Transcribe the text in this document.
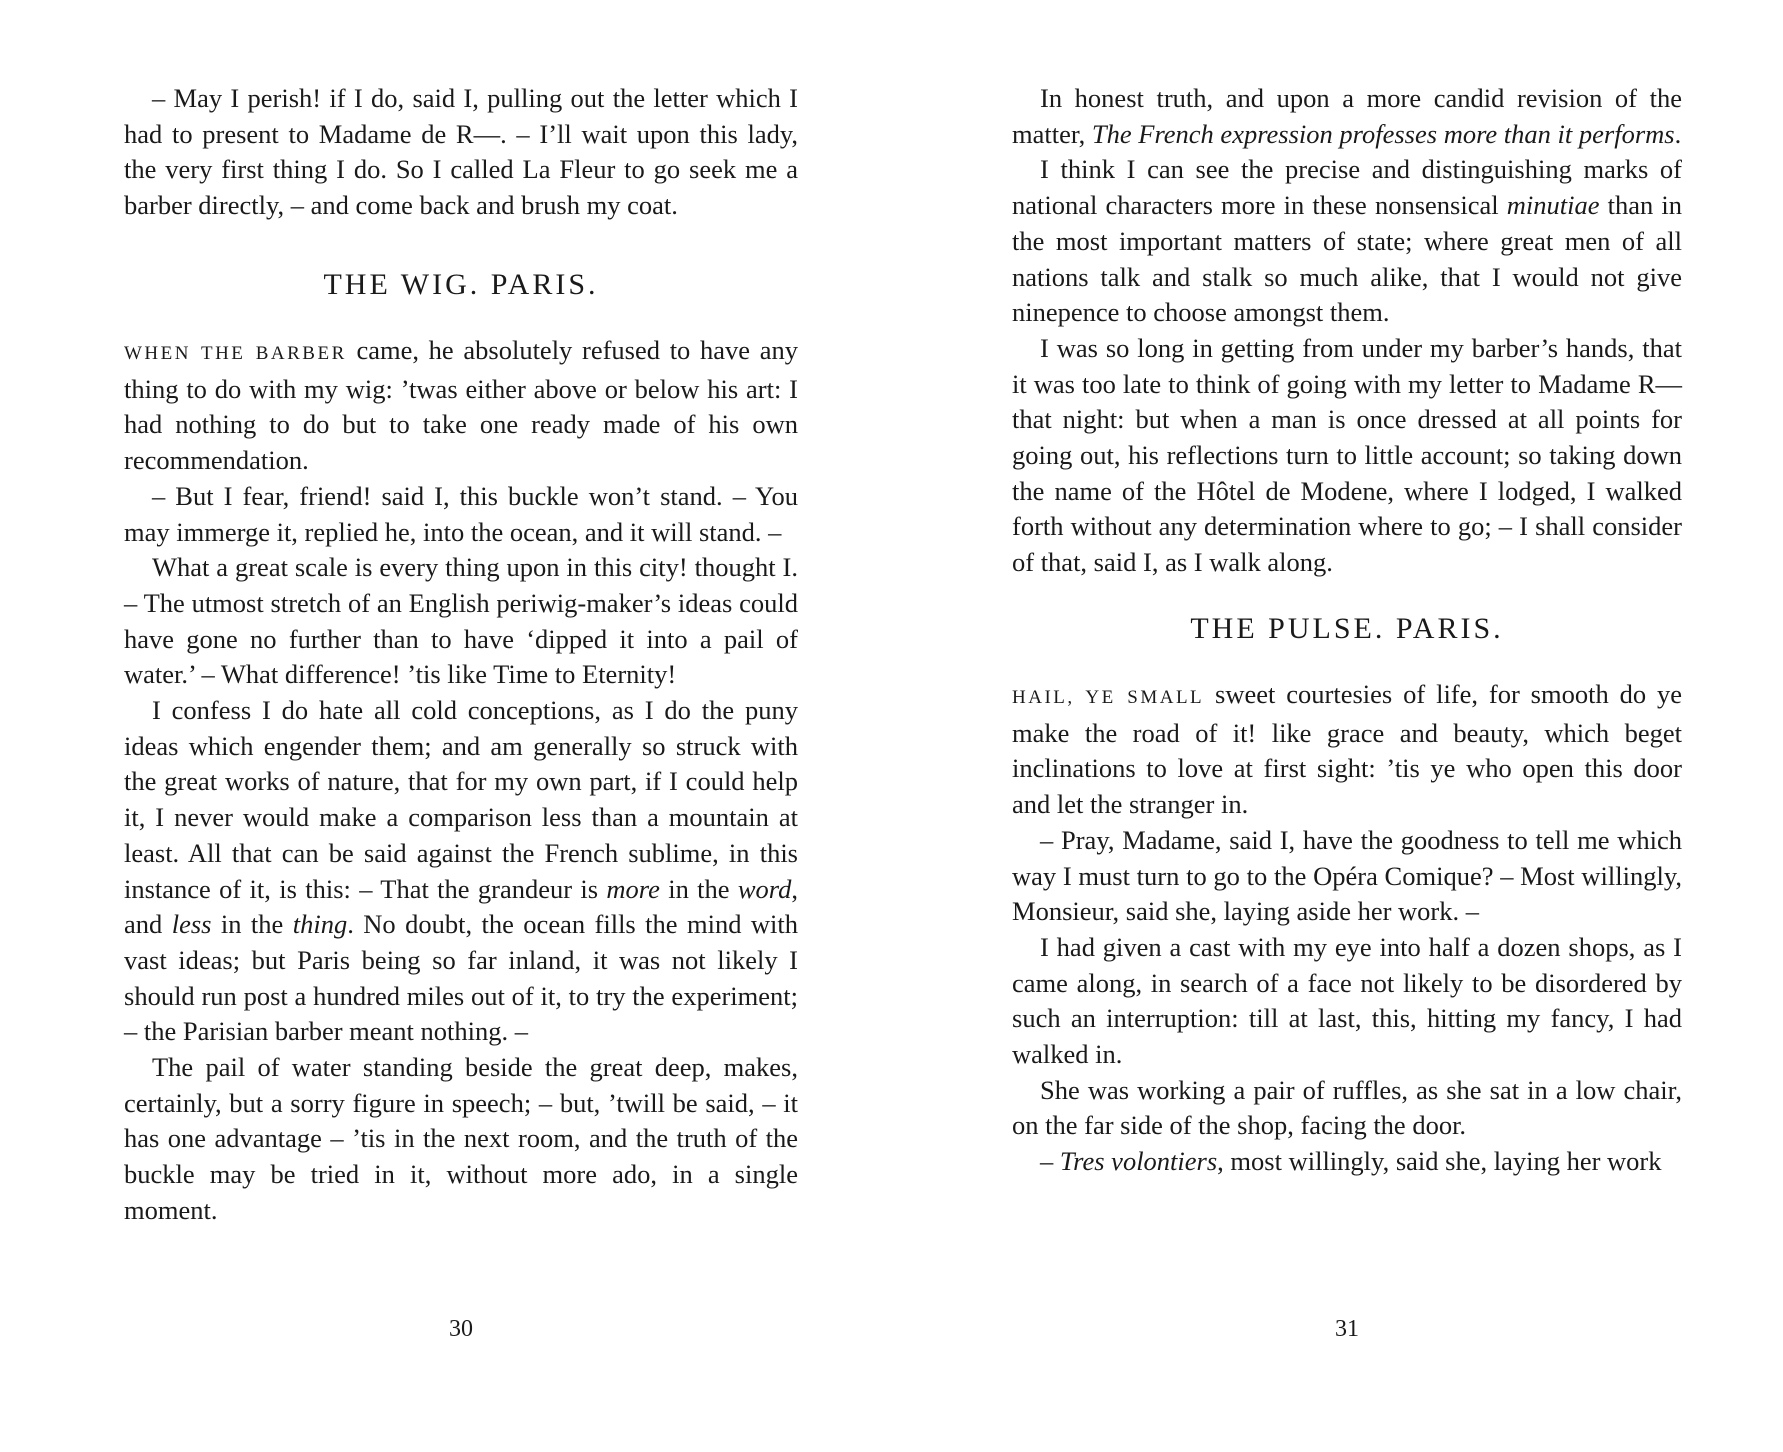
– May I perish! if I do, said I, pulling out the letter which I had to present to Madame de R—. – I’ll wait upon this lady, the very first thing I do. So I called La Fleur to go seek me a barber directly, – and come back and brush my coat.

THE WIG. PARIS.

WHEN THE BARBER came, he absolutely refused to have any thing to do with my wig: ’twas either above or below his art: I had nothing to do but to take one ready made of his own recommendation.

– But I fear, friend! said I, this buckle won’t stand. – You may immerge it, replied he, into the ocean, and it will stand. –

What a great scale is every thing upon in this city! thought I. – The utmost stretch of an English periwig-maker’s ideas could have gone no further than to have ‘dipped it into a pail of water.’ – What difference! ’tis like Time to Eternity!

I confess I do hate all cold conceptions, as I do the puny ideas which engender them; and am generally so struck with the great works of nature, that for my own part, if I could help it, I never would make a comparison less than a mountain at least. All that can be said against the French sublime, in this instance of it, is this: – That the grandeur is more in the word, and less in the thing. No doubt, the ocean fills the mind with vast ideas; but Paris being so far inland, it was not likely I should run post a hundred miles out of it, to try the experiment; – the Parisian barber meant nothing. –

The pail of water standing beside the great deep, makes, certainly, but a sorry figure in speech; – but, ’twill be said, – it has one advantage – ’tis in the next room, and the truth of the buckle may be tried in it, without more ado, in a single moment.

30

In honest truth, and upon a more candid revision of the matter, The French expression professes more than it performs.

I think I can see the precise and distinguishing marks of national characters more in these nonsensical minutiae than in the most important matters of state; where great men of all nations talk and stalk so much alike, that I would not give ninepence to choose amongst them.

I was so long in getting from under my barber’s hands, that it was too late to think of going with my letter to Madame R— that night: but when a man is once dressed at all points for going out, his reflections turn to little account; so taking down the name of the Hôtel de Modene, where I lodged, I walked forth without any determination where to go; – I shall consider of that, said I, as I walk along.

THE PULSE. PARIS.

HAIL, YE SMALL sweet courtesies of life, for smooth do ye make the road of it! like grace and beauty, which beget inclinations to love at first sight: ’tis ye who open this door and let the stranger in.

– Pray, Madame, said I, have the goodness to tell me which way I must turn to go to the Opéra Comique? – Most willingly, Monsieur, said she, laying aside her work. –

I had given a cast with my eye into half a dozen shops, as I came along, in search of a face not likely to be disordered by such an interruption: till at last, this, hitting my fancy, I had walked in.

She was working a pair of ruffles, as she sat in a low chair, on the far side of the shop, facing the door.

– Tres volontiers, most willingly, said she, laying her work

31
